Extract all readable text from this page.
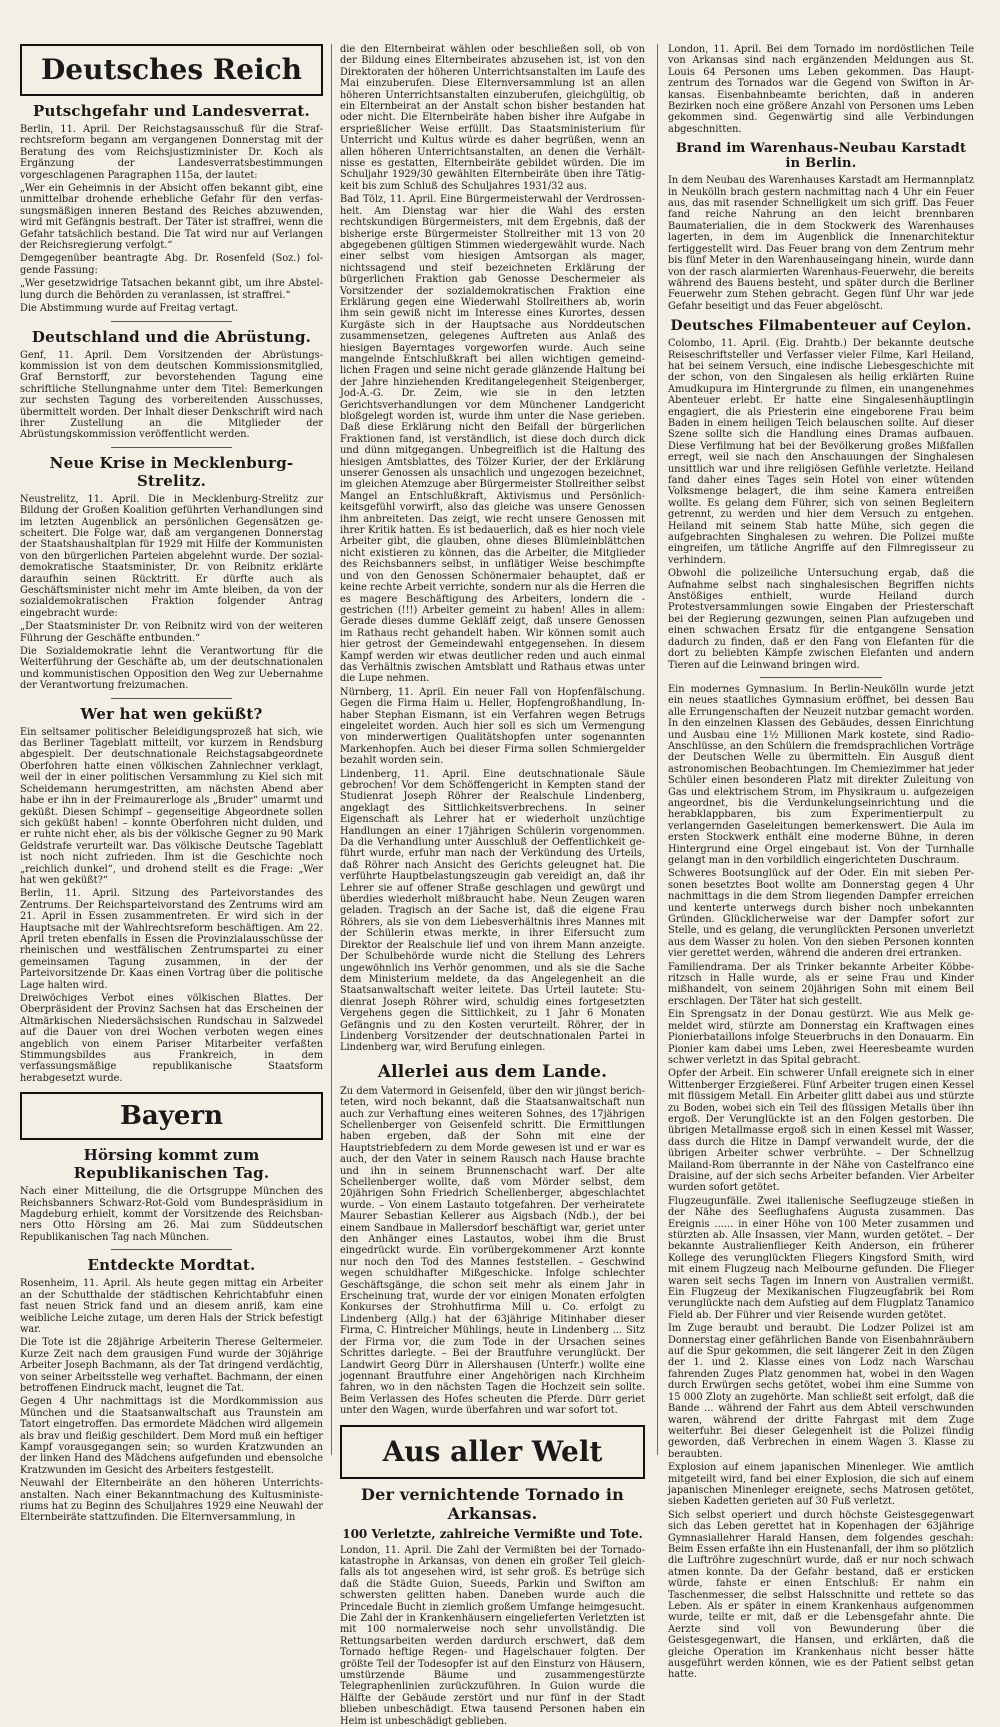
Deutsches Reich
Putschgefahr und Landesverrat.

Berlin, 11. April. Der Reichstagsausschuß für die Strafrechtsreform begann am vergangenen Donnerstag mit der Beratung des vom Reichsjustizminister Dr. Koch als Ergänzung der Landesverratsbestimmungen vorgeschlagenen Paragraphen 115a, der lautet:

„Wer ein Geheimnis in der Absicht offen bekannt gibt, eine unmittelbar drohende erhebliche Gefahr für den verfassungsmäßigen inneren Bestand des Reiches abzuwenden, wird mit Gefängnis bestraft. Der Täter ist straffrei, wenn die Gefahr tatsächlich bestand. Die Tat wird nur auf Verlangen der Reichsregierung verfolgt.“

Demgegenüber beantragte Abg. Dr. Rosenfeld (Soz.) folgende Fassung:

„Wer gesetzwidrige Tatsachen bekannt gibt, um ihre Abstellung durch die Behörden zu veranlassen, ist straffrei.“

Die Abstimmung wurde auf Freitag vertagt.

Deutschland und die Abrüstung.

Genf, 11. April. Dem Vorsitzenden der Abrüstungskommission ist von dem deutschen Kommissionsmitglied, Graf Bernstorff, zur bevorstehenden Tagung eine schriftliche Stellungnahme unter dem Titel: Bemerkungen zur sechsten Tagung des vorbereitenden Ausschusses, übermittelt worden. Der Inhalt dieser Denkschrift wird nach ihrer Zustellung an die Mitglieder der Abrüstungskommission veröffentlicht werden.

Neue Krise in Mecklenburg-Strelitz.

Neustrelitz, 11. April. Die in Mecklenburg-Strelitz zur Bildung der Großen Koalition geführten Verhandlungen sind im letzten Augenblick an persönlichen Gegensätzen gescheitert. Die Folge war, daß am vergangenen Donnerstag der Staatshaushaltplan für 1929 mit Hilfe der Kommunisten von den bürgerlichen Parteien abgelehnt wurde. Der sozialdemokratische Staatsminister, Dr. von Reibnitz erklärte daraufhin seinen Rücktritt. Er dürfte auch als Geschäftsminister nicht mehr im Amte bleiben, da von der sozialdemokratischen Fraktion folgender Antrag eingebracht wurde:

„Der Staatsminister Dr. von Reibnitz wird von der weiteren Führung der Geschäfte entbunden.“

Die Sozialdemokratie lehnt die Verantwortung für die Weiterführung der Geschäfte ab, um der deutschnationalen und kommunistischen Opposition den Weg zur Uebernahme der Verantwortung freizumachen.

Wer hat wen geküßt?

Ein seltsamer politischer Beleidigungsprozeß hat sich, wie das Berliner Tageblatt mitteilt, vor kurzem in Rendsburg abgespielt. Der deutschnationale Reichstagsabgeordnete Oberfohren hatte einen völkischen Zahnlechner verklagt, weil der in einer politischen Versammlung zu Kiel sich mit Scheidemann herumgestritten, am nächsten Abend aber habe er ihn in der Freimaurerloge als „Bruder“ umarmt und geküßt. Diesen Schimpf – gegenseitige Abgeordnete sollen sich geküßt haben! – konnte Oberfohren nicht dulden, und er ruhte nicht eher, als bis der völkische Gegner zu 90 Mark Geldstrafe verurteilt war. Das völkische Deutsche Tageblatt ist noch nicht zufrieden. Ihm ist die Geschichte noch „reichlich dunkel“, und drohend stellt es die Frage: „Wer hat wen geküßt?“

Berlin, 11. April. Sitzung des Parteivorstandes des Zentrums. Der Reichsparteivorstand des Zentrums wird am 21. April in Essen zusammentreten. Er wird sich in der Hauptsache mit der Wahlrechtsreform beschäftigen. Am 22. April treten ebenfalls in Essen die Provinzialausschüsse der rheinischen und westfälischen Zentrumspartei zu einer gemeinsamen Tagung zusammen, in der der Parteivorsitzende Dr. Kaas einen Vortrag über die politische Lage halten wird.

Dreiwöchiges Verbot eines völkischen Blattes. Der Oberpräsident der Provinz Sachsen hat das Erscheinen der Altmärkischen Niedersächsischen Rundschau in Salzwedel auf die Dauer von drei Wochen verboten wegen eines angeblich von einem Pariser Mitarbeiter verfaßten Stimmungsbildes aus Frankreich, in dem verfassungsmäßige republikanische Staatsform herabgesetzt wurde.

Bayern
Hörsing kommt zum Republikanischen Tag.

Nach einer Mitteilung, die die Ortsgruppe München des Reichsbanners Schwarz-Rot-Gold vom Bundespräsidium in Magdeburg erhielt, kommt der Vorsitzende des Reichsbanners Otto Hörsing am 26. Mai zum Süddeutschen Republikanischen Tag nach München.

Entdeckte Mordtat.

Rosenheim, 11. April. Als heute gegen mittag ein Arbeiter an der Schutthalde der städtischen Kehrichtabfuhr einen fast neuen Strick fand und an diesem anriß, kam eine weibliche Leiche zutage, um deren Hals der Strick befestigt war.

Die Tote ist die 28jährige Arbeiterin Therese Geltermeier. Kurze Zeit nach dem grausigen Fund wurde der 30jährige Arbeiter Joseph Bachmann, als der Tat dringend verdächtig, von seiner Arbeitsstelle weg verhaftet. Bachmann, der einen betroffenen Eindruck macht, leugnet die Tat.

Gegen 4 Uhr nachmittags ist die Mordkommission aus München und die Staatsanwaltschaft aus Traunstein am Tatort eingetroffen. Das ermordete Mädchen wird allgemein als brav und fleißig geschildert. Dem Mord muß ein heftiger Kampf vorausgegangen sein; so wurden Kratzwunden an der linken Hand des Mädchens aufgefunden und ebensolche Kratzwunden im Gesicht des Arbeiters festgestellt.

Neuwahl der Elternbeiräte an den höheren Unterrichtsanstalten. Nach einer Bekanntmachung des Kultusministeriums hat zu Beginn des Schuljahres 1929 eine Neuwahl der Elternbeiräte stattzufinden. Die Elternversammlung, in

die den Elternbeirat wählen oder beschließen soll, ob von der Bildung eines Elternbeirates abzusehen ist, ist von den Direktoraten der höheren Unterrichtsanstalten im Laufe des Mai einzuberufen. Diese Elternversammlung ist an allen höheren Unterrichtsanstalten einzuberufen, gleichgültig, ob ein Elternbeirat an der Anstalt schon bisher bestanden hat oder nicht. Die Elternbeiräte haben bisher ihre Aufgabe in ersprießlicher Weise erfüllt. Das Staatsministerium für Unterricht und Kultus würde es daher begrüßen, wenn an allen höheren Unterrichtsanstalten, an denen die Verhältnisse es gestatten, Elternbeiräte gebildet würden. Die im Schuljahr 1929/30 gewählten Elternbeiräte üben ihre Tätigkeit bis zum Schluß des Schuljahres 1931/32 aus.

Bad Tölz, 11. April. Eine Bürgermeisterwahl der Verdrossenheit. Am Dienstag war hier die Wahl des ersten rechtskundigen Bürgermeisters, mit dem Ergebnis, daß der bisherige erste Bürgermeister Stollreither mit 13 von 20 abgegebenen gültigen Stimmen wiedergewählt wurde. Nach einer selbst vom hiesigen Amtsorgan als mager, nichtssagend und steif bezeichneten Erklärung der bürgerlichen Fraktion gab Genosse Deschermeier als Vorsitzender der sozialdemokratischen Fraktion eine Erklärung gegen eine Wiederwahl Stollreithers ab, worin ihm sein gewiß nicht im Interesse eines Kurortes, dessen Kurgäste sich in der Hauptsache aus Norddeutschen zusammensetzen, gelegenes Auftreten aus Anlaß des hiesigen Bayerntages vorgeworfen wurde. Auch seine mangelnde Entschlußkraft bei allen wichtigen gemeindlichen Fragen und seine nicht gerade glänzende Haltung bei der Jahre hinziehenden Kreditangelegenheit Steigenberger, Jod-A.-G. Dr. Zeim, wie sie in den letzten Gerichtsverhandlungen vor dem Münchener Landgericht bloßgelegt worden ist, wurde ihm unter die Nase gerieben. Daß diese Erklärung nicht den Beifall der bürgerlichen Fraktionen fand, ist verständlich, ist diese doch durch dick und dünn mitgegangen. Unbegreiflich ist die Haltung des hiesigen Amtsblattes, des Tölzer Kurier, der der Erklärung unserer Genossen als unsachlich und ungezogen bezeichnet, im gleichen Atemzuge aber Bürgermeister Stollreither selbst Mangel an Entschlußkraft, Aktivismus und Persönlichkeitsgefühl vorwirft, also das gleiche was unsere Genossen ihm anbreiteten. Das zeigt, wie recht unsere Genossen mit ihrer Kritik hatten. Es ist bedauerlich, daß es hier noch viele Arbeiter gibt, die glauben, ohne dieses Blümleinblättchen nicht existieren zu können, das die Arbeiter, die Mitglieder des Reichsbanners selbst, in unflätiger Weise beschimpfte und von den Genossen Schönermaier behauptet, daß er keine rechte Arbeit verrichte, sondern nur als die Herren die es magere Beschäftigung des Arbeiters, londern die gestrichen (!!!) Arbeiter gemeint zu haben! Alles in allem: Gerade dieses dumme Gekläff zeigt, daß unsere Genossen im Rathaus recht gehandelt haben. Wir können somit auch hier getrost der Gemeindewahl entgegensehen. In diesem Kampf werden wir etwas deutlicher reden und auch einmal das Verhältnis zwischen Amtsblatt und Rathaus etwas unter die Lupe nehmen.

Nürnberg, 11. April. Ein neuer Fall von Hopfenfälschung. Gegen die Firma Haim u. Heller, Hopfengroßhandlung, Inhaber Stephan Eismann, ist ein Verfahren wegen Betrugs eingeleitet worden. Auch hier soll es sich um Vermengung von minderwertigen Qualitätshopfen unter sogenannten Markenhopfen. Auch bei dieser Firma sollen Schmiergelder bezahlt worden sein.

Lindenberg, 11. April. Eine deutschnationale Säule gebrochen! Vor dem Schöffengericht in Kempten stand der Studienrat Joseph Röhrer der Realschule Lindenberg, angeklagt des Sittlichkeitsverbrechens. In seiner Eigenschaft als Lehrer hat er wiederholt unzüchtige Handlungen an einer 17jährigen Schülerin vorgenommen. Da die Verhandlung unter Ausschluß der Oeffentlichkeit geführt wurde, erfuhr man nach der Verkündung des Urteils, daß Röhrer nach Ansicht des Gerichts geleugnet hat. Die verführte Hauptbelastungszeugin gab vereidigt an, daß ihr Lehrer sie auf offener Straße geschlagen und gewürgt und überdies wiederholt mißbraucht habe. Neun Zeugen waren geladen. Tragisch an der Sache ist, daß die eigene Frau Röhrers, als sie von dem Liebesverhältnis ihres Mannes mit der Schülerin etwas merkte, in ihrer Eifersucht zum Direktor der Realschule lief und von ihrem Mann anzeigte. Der Schulbehörde wurde nicht die Stellung des Lehrers ungewöhnlich ins Verhör genommen, und als sie die Sache dem Ministerium meldete, da das Angelegenheit an die Staatsanwaltschaft weiter leitete. Das Urteil lautete: Studienrat Joseph Röhrer wird, schuldig eines fortgesetzten Vergehens gegen die Sittlichkeit, zu 1 Jahr 6 Monaten Gefängnis und zu den Kosten verurteilt. Röhrer, der in Lindenberg Vorsitzender der deutschnationalen Partei in Lindenberg war, wird Berufung einlegen.

Allerlei aus dem Lande.

Zu dem Vatermord in Geisenfeld, über den wir jüngst berichteten, wird noch bekannt, daß die Staatsanwaltschaft nun auch zur Verhaftung eines weiteren Sohnes, des 17jährigen Schellenberger von Geisenfeld schritt. Die Ermittlungen haben ergeben, daß der Sohn mit eine der Hauptstriebfedern zu dem Morde gewesen ist und er war es auch, der den Vater in seinem Rausch nach Hause brachte und ihn in seinem Brunnenschacht warf. Der alte Schellenberger wollte, daß vom Mörder selbst, dem 20jährigen Sohn Friedrich Schellenberger, abgeschlachtet wurde. – Von einem Lastauto totgefahren. Der verheiratete Maurer Sebastian Kellerer aus Aigsbach (Ndb.), der bei einem Sandbaue in Mallersdorf beschäftigt war, geriet unter den Anhänger eines Lastautos, wobei ihm die Brust eingedrückt wurde. Ein vorübergekommener Arzt konnte nur noch den Tod des Mannes feststellen. – Geschwind wegen schuldhafter Mißgeschicke. Infolge schlechter Geschäftsgänge, die schon seit mehr als einem Jahr in Erscheinung trat, wurde der vor einigen Monaten erfolgten Konkurses der Strohhutfirma Mill u. Co. erfolgt zu Lindenberg (Allg.) hat der 63jährige Mitinhaber dieser Firma, C. Hintreicher Mühlings, heute in Lindenberg ... Sitz der Firma vor, die zum Tode in der Ursachen seines Schrittes darlegte. – Bei der Brautfuhre verunglückt. Der Landwirt Georg Dürr in Allershausen (Unterfr.) wollte eine jogennant Brautfuhre einer Angehörigen nach Kirchheim fahren, wo in den nächsten Tagen die Hochzeit sein sollte. Beim Verlassen des Hofes scheuten die Pferde. Dürr geriet unter den Wagen, wurde überfahren und war sofort tot.

Aus aller Welt
Der vernichtende Tornado in Arkansas.
100 Verletzte, zahlreiche Vermißte und Tote.

London, 11. April. Die Zahl der Vermißten bei der Tornadokatastrophe in Arkansas, von denen ein großer Teil gleichfalls als tot angesehen wird, ist sehr groß. Es betrüge sich daß die Städte Guion, Sueeds, Parkin und Swifton am schwersten gelitten haben. Daneben wurde auch die Princedale Bucht in ziemlich großem Umfange heimgesucht. Die Zahl der in Krankenhäusern eingelieferten Verletzten ist mit 100 normalerweise noch sehr unvollständig. Die Rettungsarbeiten werden dardurch erschwert, daß dem Tornado heftige Regen- und Hagelschauer folgten. Der größte Teil der Todesopfer ist auf den Einsturz von Häusern, umstürzende Bäume und zusammengestürzte Telegraphenlinien zurückzuführen. In Guion wurde die Hälfte der Gebäude zerstört und nur fünf in der Stadt blieben unbeschädigt. Etwa tausend Personen haben ein Heim ist unbeschädigt geblieben.

London, 11. April. Bei dem Tornado im nordöstlichen Teile von Arkansas sind nach ergänzenden Meldungen aus St. Louis 64 Personen ums Leben gekommen. Das Hauptzentrum des Tornados war die Gegend von Swifton in Arkansas. Eisenbahnbeamte berichten, daß in anderen Bezirken noch eine größere Anzahl von Personen ums Leben gekommen sind. Gegenwärtig sind alle Verbindungen abgeschnitten.

Brand im Warenhaus-Neubau Karstadt in Berlin.

In dem Neubau des Warenhauses Karstadt am Hermannplatz in Neukölln brach gestern nachmittag nach 4 Uhr ein Feuer aus, das mit rasender Schnelligkeit um sich griff. Das Feuer fand reiche Nahrung an den leicht brennbaren Baumaterialien, die in dem Stockwerk des Warenhauses lagerten, in dem im Augenblick die Innenarchitektur fertiggestellt wird. Das Feuer brang von dem Zentrum mehr bis fünf Meter in den Warenhauseingang hinein, wurde dann von der rasch alarmierten Warenhaus-Feuerwehr, die bereits während des Bauens besteht, und später durch die Berliner Feuerwehr zum Stehen gebracht. Gegen fünf Uhr war jede Gefahr beseitigt und das Feuer abgelöscht.

Deutsches Filmabenteuer auf Ceylon.

Colombo, 11. April. (Eig. Drahtb.) Der bekannte deutsche Reiseschriftsteller und Verfasser vieler Filme, Karl Heiland, hat bei seinem Versuch, eine indische Liebesgeschichte mit der schon, von den Singalesen als heilig erklärten Ruine Amudkupura im Hintergrunde zu filmen, ein unangenehmes Abenteuer erlebt. Er hatte eine Singalesenhäuptlingin engagiert, die als Priesterin eine eingeborene Frau beim Baden in einem heiligen Teich belauschen sollte. Auf dieser Szene sollte sich die Handlung eines Dramas aufbauen. Diese Verfilmung hat bei der Bevölkerung großes Mißfallen erregt, weil sie nach den Anschauungen der Singhalesen unsittlich war und ihre religiösen Gefühle verletzte. Heiland fand daher eines Tages sein Hotel von einer wütenden Volksmenge belagert, die ihm seine Kamera entreißen wollte. Es gelang dem Führer, sich von seinen Begleitern getrennt, zu werden und hier dem Versuch zu entgehen. Heiland mit seinem Stab hatte Mühe, sich gegen die aufgebrachten Singhalesen zu wehren. Die Polizei mußte eingreifen, um tätliche Angriffe auf den Filmregisseur zu verhindern.

Obwohl die polizeiliche Untersuchung ergab, daß die Aufnahme selbst nach singhalesischen Begriffen nichts Anstößiges enthielt, wurde Heiland durch Protestversammlungen sowie Eingaben der Priesterschaft bei der Regierung gezwungen, seinen Plan aufzugeben und einen schwachen Ersatz für die entgangene Sensation dadurch zu finden, daß er den Fang von Elefanten für die dort zu beliebten Kämpfe zwischen Elefanten und andern Tieren auf die Leinwand bringen wird.

Ein modernes Gymnasium. In Berlin-Neukölln wurde jetzt ein neues staatliches Gymnasium eröffnet, bei dessen Bau alle Errungenschaften der Neuzeit nutzbar gemacht worden. In den einzelnen Klassen des Gebäudes, dessen Einrichtung und Ausbau eine 1½ Millionen Mark kostete, sind Radio-Anschlüsse, an den Schülern die fremdsprachlichen Vorträge der Deutschen Welle zu übermitteln. Ein Ausguß dient astronomischen Beobachtungen. Im Chemiezimmer hat jeder Schüler einen besonderen Platz mit direkter Zuleitung von Gas und elektrischem Strom, im Physikraum u. aufgezeigen angeordnet, bis die Verdunkelungseinrichtung und die herabklappbaren, bis zum Experimentierpult zu verlangernden Gaseleitungen bemerkenswert. Die Aula im ersten Stockwerk enthält eine moderne Bühne, in deren Hintergrund eine Orgel eingebaut ist. Von der Turnhalle gelangt man in den vorbildlich eingerichteten Duschraum.

Schweres Bootsunglück auf der Oder. Ein mit sieben Personen besetztes Boot wollte am Donnerstag gegen 4 Uhr nachmittags in die dem Strom liegenden Dampfer erreichen und kenterte unterwegs durch bisher noch unbekannten Gründen. Glücklicherweise war der Dampfer sofort zur Stelle, und es gelang, die verunglückten Personen unverletzt aus dem Wasser zu holen. Von den sieben Personen konnten vier gerettet werden, während die anderen drei ertranken.

Familiendrama. Der als Trinker bekannte Arbeiter Köbberitzsch in Halle wurde, als er seine Frau und Kinder mißhandelt, von seinem 20jährigen Sohn mit einem Beil erschlagen. Der Täter hat sich gestellt.

Ein Sprengsatz in der Donau gestürzt. Wie aus Melk gemeldet wird, stürzte am Donnerstag ein Kraftwagen eines Pionierbataillons infolge Steuerbruchs in den Donauarm. Ein Pionier kam dabei ums Leben, zwei Heeresbeamte wurden schwer verletzt in das Spital gebracht.

Opfer der Arbeit. Ein schwerer Unfall ereignete sich in einer Wittenberger Erzgießerei. Fünf Arbeiter trugen einen Kessel mit flüssigem Metall. Ein Arbeiter glitt dabei aus und stürzte zu Boden, wobei sich ein Teil des flüssigen Metalls über ihn ergoß. Der Verunglückte ist an den Folgen gestorben. Die übrigen Metallmasse ergoß sich in einen Kessel mit Wasser, dass durch die Hitze in Dampf verwandelt wurde, der die übrigen Arbeiter schwer verbrühte. – Der Schnellzug Mailand-Rom überrannte in der Nähe von Castelfranco eine Draisine, auf der sich sechs Arbeiter befanden. Vier Arbeiter wurden sofort getötet.

Flugzeugunfälle. Zwei italienische Seeflugzeuge stießen in der Nähe des Seeflughafens Augusta zusammen. Das Ereignis ...... in einer Höhe von 100 Meter zusammen und stürzten ab. Alle Insassen, vier Mann, wurden getötet. – Der bekannte Australienflieger Keith Anderson, ein früherer Kollege des verunglückten Fliegers Kingsford Smith, wird mit einem Flugzeug nach Melbourne gefunden. Die Flieger waren seit sechs Tagen im Innern von Australien vermißt. Ein Flugzeug der Mexikanischen Flugzeugfabrik bei Rom verunglückte nach dem Aufstieg auf dem Flugplatz Tanamico Field ab. Der Führer und vier Reisende wurden getötet.

Im Zuge beraubt und beraubt. Die Lodzer Polizei ist am Donnerstag einer gefährlichen Bande von Eisenbahnräubern auf die Spur gekommen, die seit längerer Zeit in den Zügen der 1. und 2. Klasse eines von Lodz nach Warschau fahrenden Zuges Platz genommen hat, wobei in den Wagen durch Erwürgen sechs getötet, wobei ihm eine Summe von 15 000 Zloty an zugehörte. Man schließt seit erfolgt, daß die Bande ... während der Fahrt aus dem Abteil verschwunden waren, während der dritte Fahrgast mit dem Zuge weiterfuhr. Bei dieser Gelegenheit ist die Polizei fündig geworden, daß Verbrechen in einem Wagen 3. Klasse zu beraubten.

Explosion auf einem japanischen Minenleger. Wie amtlich mitgeteilt wird, fand bei einer Explosion, die sich auf einem japanischen Minenleger ereignete, sechs Matrosen getötet, sieben Kadetten gerieten auf 30 Fuß verletzt.

Sich selbst operiert und durch höchste Geistesgegenwart sich das Leben gerettet hat in Kopenhagen der 63jährige Gymnasiallehrer Harald Hansen, dem folgendes geschah: Beim Essen erfaßte ihn ein Hustenanfall, der ihm so plötzlich die Luftröhre zugeschnürt wurde, daß er nur noch schwach atmen konnte. Da der Gefahr bestand, daß er ersticken würde, fahste er einen Entschluß: Er nahm ein Taschenmesser, die selbst Halsschnitte und rettete so das Leben. Als er später in einem Krankenhaus aufgenommen wurde, teilte er mit, daß er die Lebensgefahr ahnte. Die Aerzte sind voll von Bewunderung über die Geistesgegenwart, die Hansen, und erklärten, daß die gleiche Operation im Krankenhaus nicht besser hätte ausgeführt werden können, wie es der Patient selbst getan hatte.
